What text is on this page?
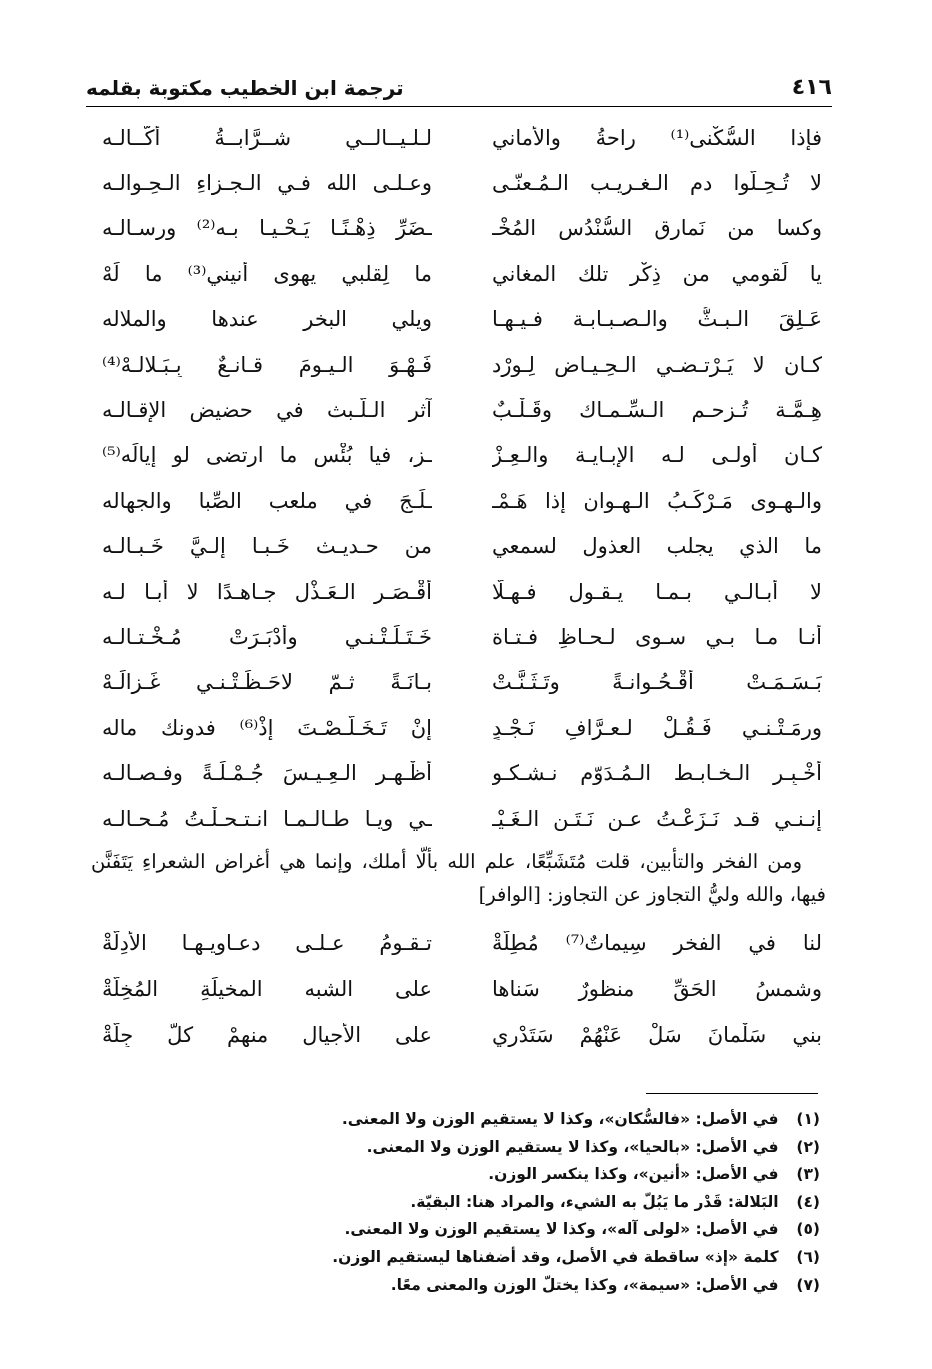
٤١٦
ترجمة ابن الخطيب مكتوبة بقلمه
فإذا السُّكْنى⁽¹⁾ راحةُ والأماني
لـلـيــالــي شــرَّابــةُ أكّــالـه
لا تُـحِـلُّوا دم الـغـريـب الـمُـعنّـى
وعـلـى الله فـي الـجـزاءِ الـحِـوالـه
وكسا من نَمارق السُّنْدُس المُخْـ
ـضَرِّ ذِهْـنًـا يَـحْـيـا بـه⁽²⁾ ورسـالـه
يا لَقومي من ذِكْر تلك المغاني
ما لِقلبي يهوى أنيني⁽³⁾ ما لَهْ
عَـلِقَ الـبـثُّ والـصـبـابـة فـيـهـا
ويلي البخر عندها والملاله
كـان لا يَـرْتـضـي الـحِـيـاض لِـوِرْد
فَـهْـوَ الـيـومَ قـانـعٌ بِـبَـلالـهْ⁽⁴⁾
هِـمَّـة تُـزحـم الـسِّـمـاك وقَـلْـبٌ
آثر الـلُّـبث في حضيض الإقـالـه
كـان أولـى لـه الإبـايـة والـعِـزْ
ـزِ، فيا بُئْس ما ارتضى لو إيالَه⁽⁵⁾
والـهـوى مَـرْكَـبُ الـهـوان إذا هَـمْـ
ـلَـجَ في ملعب الصِّبا والجهاله
ما الذي يجلب العذول لسمعي
من حـديـث خَـبـا إلـيَّ خَـبـالـه
لا أُبـالـي بـمـا يـقـول فـهـلّا
أقْـصَـر الـعَـذْل جـاهـدًا لا أبـا لـه
أنـا مـا بـي سـوى لـحـاظِ فـتـاة
خَـتَـلَـتْـنـي وأدْبَـرَتْ مُـخْـتـالـه
بَـسَـمَـتْ أُقْـحُـوانـةً وتَـثَـنَّـتْ
بـانَـةً ثـمّ لاحَـظَـتْـنـي غَـزالَـهْ
ورمَـتْـنـي فَـقُـلْ لـعـرَّافِ نَـجْـدٍ
إنْ تَـخَـلَّـصْـتَ إذْ⁽⁶⁾ فدونك ماله
أخْـبِـرِ الـخـابـط الـمُـدَوّم نـشـكـو
أظْـهِـرِ الـعِـيـسَ جُـمْـلَـةً وفـصـالـه
إنـنـي قـد نَـزَعْـتُ عـن نَـتَـنِ الـغَـيْـ
ـي ويـا طـالـمـا انـتـحـلْـتُ مُـحـالـه

ومن الفخر والتأبين، قلت مُتَشَبِّعًا، علم الله بألّا أملك، وإنما هي أغراض الشعراءِ يَتَفَنَّن فيها، والله وليُّ التجاوز عن التجاوز: [الوافر]

لنا في الفخر سِيماتٌ⁽⁷⁾ مُطِلّةْ
تـقـومُ عـلـى دعـاويـهـا الأدِلّةْ
وشمسُ الحَقِّ منظورٌ سَناها
على الشبه المخيلَةِ المُخِلّةْ
بني سَلْمانَ سَلْ عَنْهُمْ سَتَدْري
على الأجيال منهمْ كلّ جِلّةْ
(١) في الأصل: «فالسُّكان»، وكذا لا يستقيم الوزن ولا المعنى.
(٢) في الأصل: «بالحيا»، وكذا لا يستقيم الوزن ولا المعنى.
(٣) في الأصل: «أنين»، وكذا ينكسر الوزن.
(٤) البَلالة: قَدْر ما يَبُلّ به الشيء، والمراد هنا: البقيّة.
(٥) في الأصل: «لولى آله»، وكذا لا يستقيم الوزن ولا المعنى.
(٦) كلمة «إذ» ساقطة في الأصل، وقد أضفناها ليستقيم الوزن.
(٧) في الأصل: «سيمة»، وكذا يختلّ الوزن والمعنى معًا.
